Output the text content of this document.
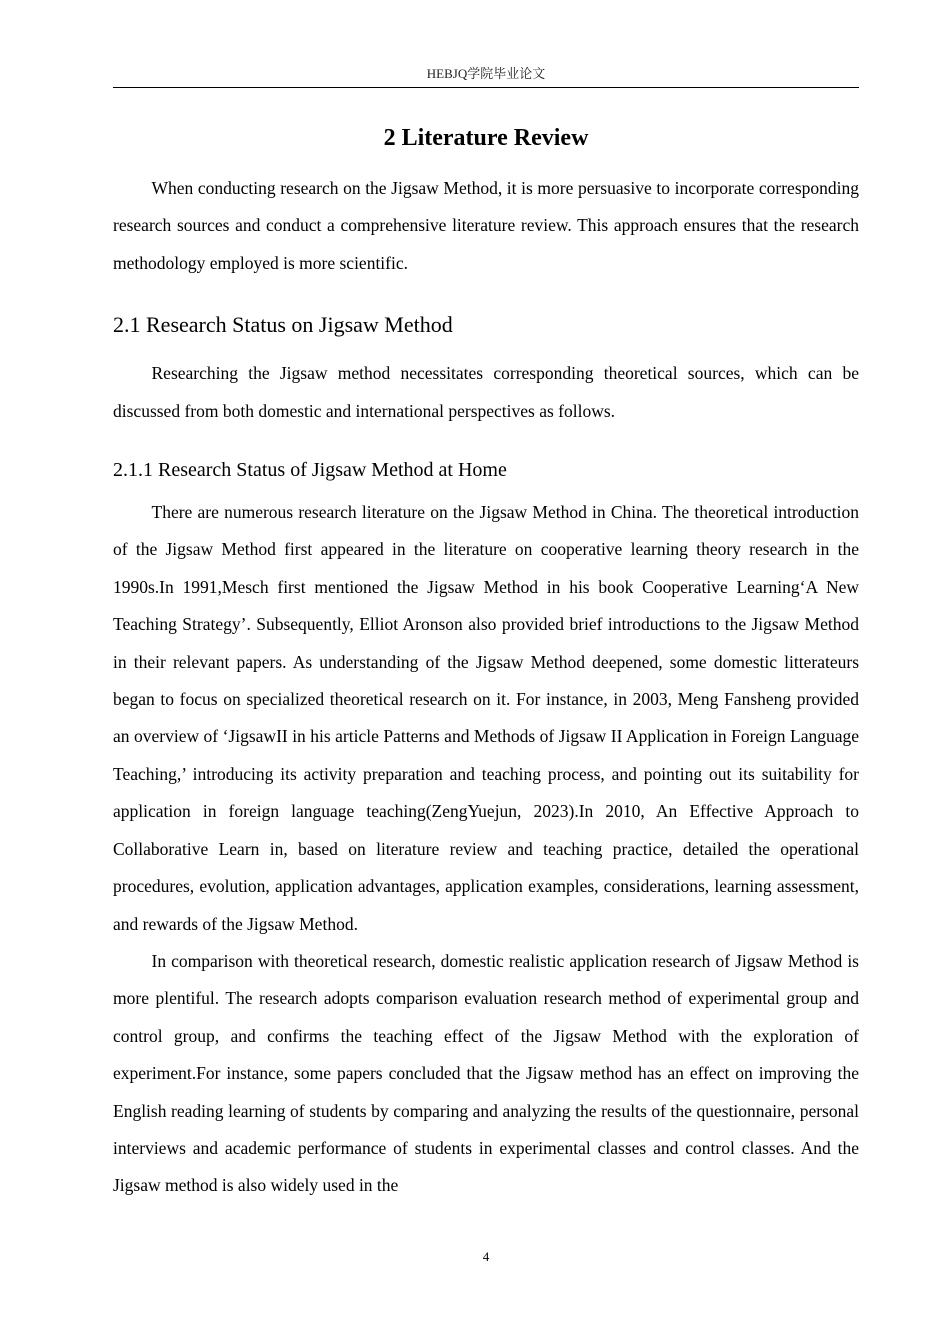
HEBJQ学院毕业论文
2 Literature Review

When conducting research on the Jigsaw Method, it is more persuasive to incorporate corresponding research sources and conduct a comprehensive literature review. This approach ensures that the research methodology employed is more scientific.

2.1 Research Status on Jigsaw Method

Researching the Jigsaw method necessitates corresponding theoretical sources, which can be discussed from both domestic and international perspectives as follows.

2.1.1 Research Status of Jigsaw Method at Home

There are numerous research literature on the Jigsaw Method in China. The theoretical introduction of the Jigsaw Method first appeared in the literature on cooperative learning theory research in the 1990s.In 1991,Mesch first mentioned the Jigsaw Method in his book Cooperative Learning‘A New Teaching Strategy’. Subsequently, Elliot Aronson also provided brief introductions to the Jigsaw Method in their relevant papers. As understanding of the Jigsaw Method deepened, some domestic litterateurs began to focus on specialized theoretical research on it. For instance, in 2003, Meng Fansheng provided an overview of ‘JigsawII in his article Patterns and Methods of Jigsaw II Application in Foreign Language Teaching,’ introducing its activity preparation and teaching process, and pointing out its suitability for application in foreign language teaching(ZengYuejun, 2023).In 2010, An Effective Approach to Collaborative Learn in, based on literature review and teaching practice, detailed the operational procedures, evolution, application advantages, application examples, considerations, learning assessment, and rewards of the Jigsaw Method.

In comparison with theoretical research, domestic realistic application research of Jigsaw Method is more plentiful. The research adopts comparison evaluation research method of experimental group and control group, and confirms the teaching effect of the Jigsaw Method with the exploration of experiment.For instance, some papers concluded that the Jigsaw method has an effect on improving the English reading learning of students by comparing and analyzing the results of the questionnaire, personal interviews and academic performance of students in experimental classes and control classes. And the Jigsaw method is also widely used in the

4
